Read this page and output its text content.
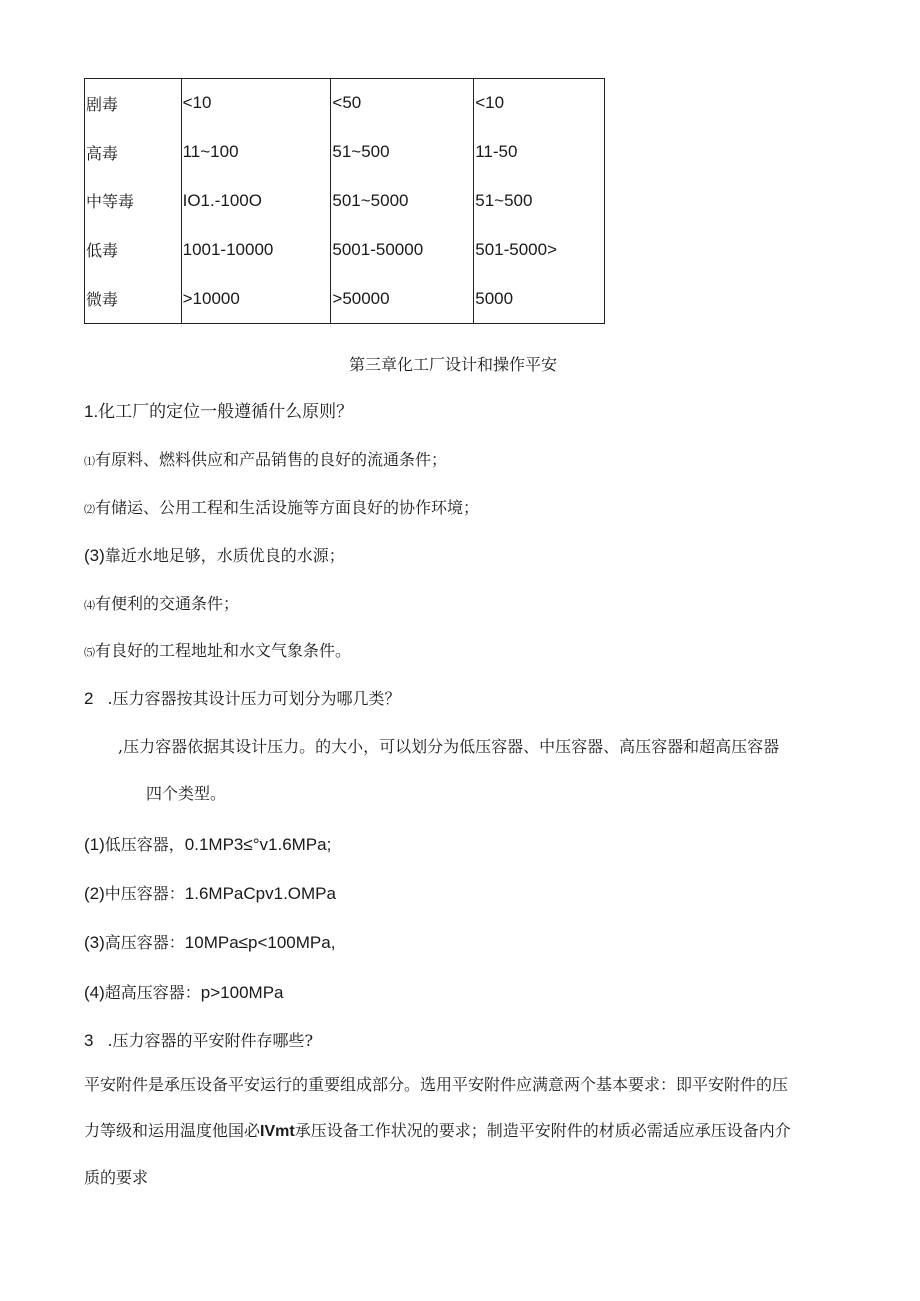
剧毒	<10	<50	<10
高毒	11~100	51~500	11-50
中等毒	IO1.-100O	501~5000	51~500
低毒	1001-10000	5001-50000	501-5000>
微毒	>10000	>50000	5000
第三章化工厂设计和操作平安
1.化工厂的定位一般遵循什么原则？
⑴有原料、燃料供应和产品销售的良好的流通条件；
⑵有储运、公用工程和生活设施等方面良好的协作环境；
(3)靠近水地足够，水质优良的水源；
⑷有便利的交通条件；
⑸有良好的工程地址和水文气象条件。
2 .压力容器按其设计压力可划分为哪几类？
,压力容器依据其设计压力。的大小，可以划分为低压容器、中压容器、高压容器和超高压容器
四个类型。
(1)低压容器，0.1MP3≤°v1.6MPa;
(2)中压容器：1.6MPaCpv1.OMPa
(3)高压容器：10MPa≤p<100MPa,
(4)超高压容器：p>100MPa
3 .压力容器的平安附件存哪些?
平安附件是承压设备平安运行的重要组成部分。选用平安附件应满意两个基本要求：即平安附件的压
力等级和运用温度他国必IVmt承压设备工作状况的要求；制造平安附件的材质必需适应承压设备内介
质的要求
